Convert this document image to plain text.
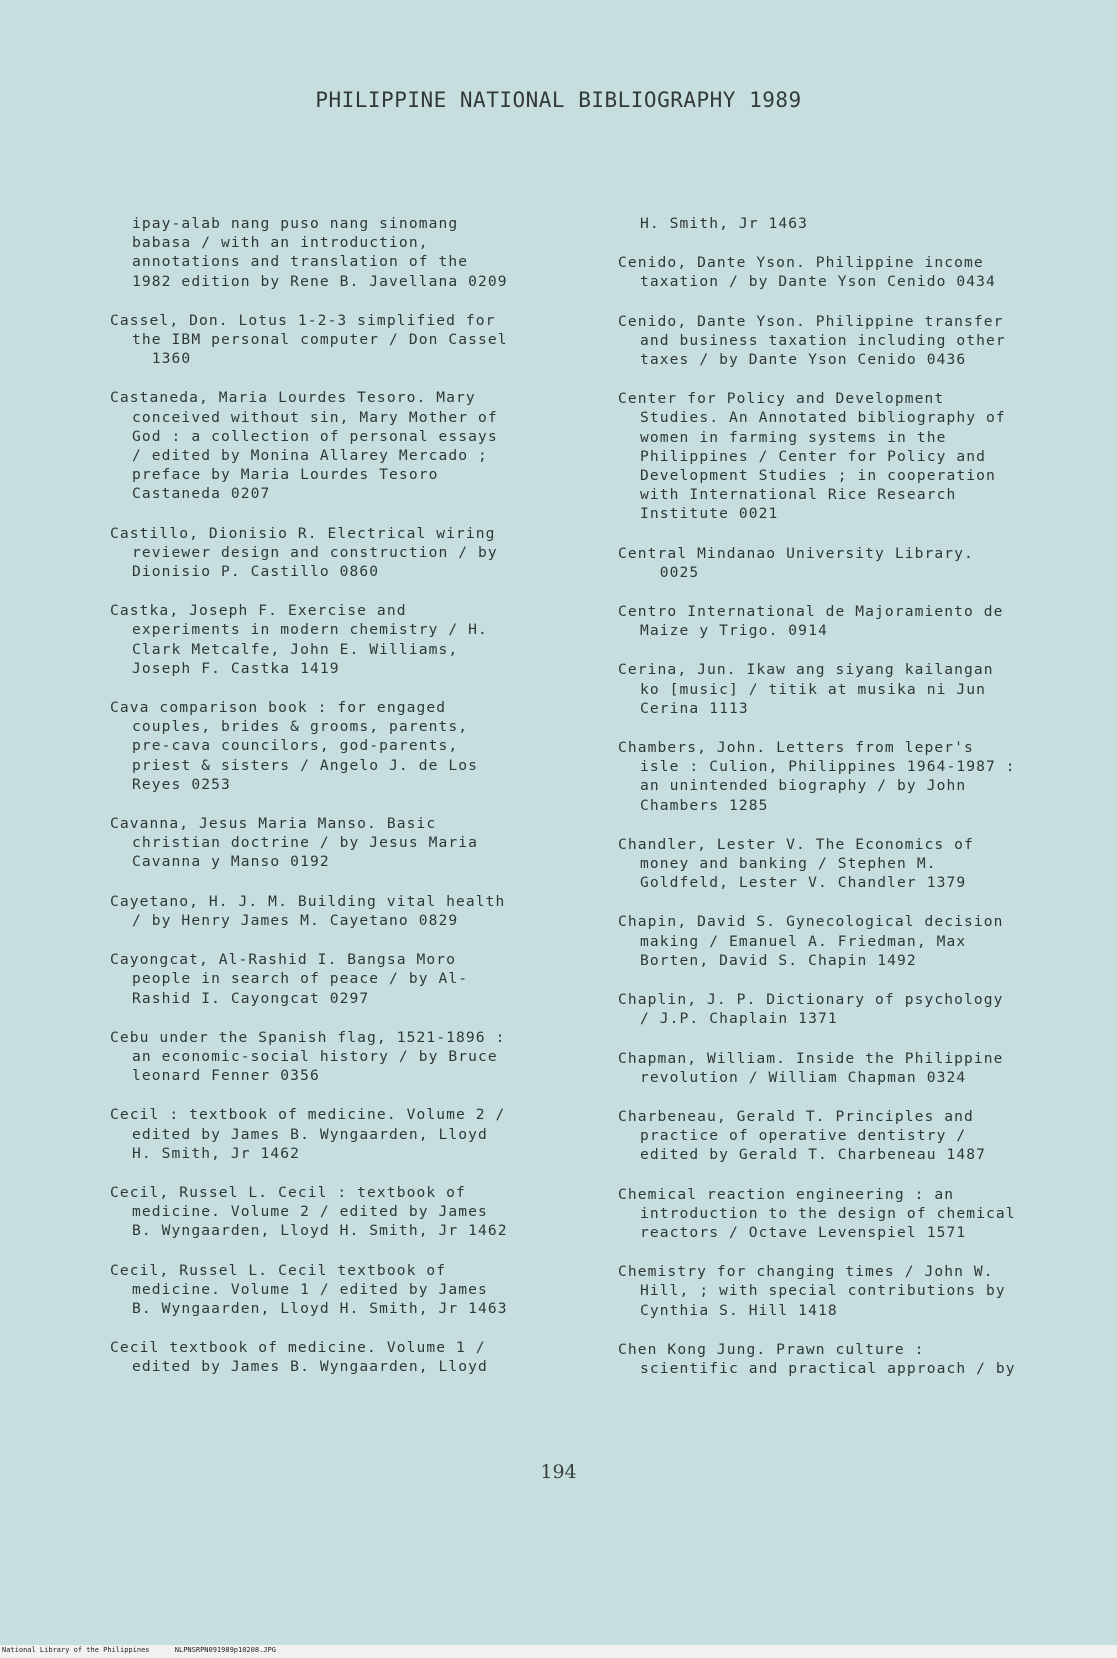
PHILIPPINE NATIONAL BIBLIOGRAPHY 1989
ipay-alab nang puso nang sinomang
babasa / with an introduction,
annotations and translation of the
1982 edition by Rene B. Javellana 0209
Cassel, Don. Lotus 1-2-3 simplified for
the IBM personal computer / Don Cassel
1360
Castaneda, Maria Lourdes Tesoro. Mary
conceived without sin, Mary Mother of
God : a collection of personal essays
/ edited by Monina Allarey Mercado ;
preface by Maria Lourdes Tesoro
Castaneda 0207
Castillo, Dionisio R. Electrical wiring
reviewer design and construction / by
Dionisio P. Castillo 0860
Castka, Joseph F. Exercise and
experiments in modern chemistry / H.
Clark Metcalfe, John E. Williams,
Joseph F. Castka 1419
Cava comparison book : for engaged
couples, brides & grooms, parents,
pre-cava councilors, god-parents,
priest & sisters / Angelo J. de Los
Reyes 0253
Cavanna, Jesus Maria Manso. Basic
christian doctrine / by Jesus Maria
Cavanna y Manso 0192
Cayetano, H. J. M. Building vital health
/ by Henry James M. Cayetano 0829
Cayongcat, Al-Rashid I. Bangsa Moro
people in search of peace / by Al-
Rashid I. Cayongcat 0297
Cebu under the Spanish flag, 1521-1896 :
an economic-social history / by Bruce
leonard Fenner 0356
Cecil : textbook of medicine. Volume 2 /
edited by James B. Wyngaarden, Lloyd
H. Smith, Jr 1462
Cecil, Russel L. Cecil : textbook of
medicine. Volume 2 / edited by James
B. Wyngaarden, Lloyd H. Smith, Jr 1462
Cecil, Russel L. Cecil textbook of
medicine. Volume 1 / edited by James
B. Wyngaarden, Lloyd H. Smith, Jr 1463
Cecil textbook of medicine. Volume 1 /
edited by James B. Wyngaarden, Lloyd
H. Smith, Jr 1463
Cenido, Dante Yson. Philippine income
taxation / by Dante Yson Cenido 0434
Cenido, Dante Yson. Philippine transfer
and business taxation including other
taxes / by Dante Yson Cenido 0436
Center for Policy and Development
Studies. An Annotated bibliography of
women in farming systems in the
Philippines / Center for Policy and
Development Studies ; in cooperation
with International Rice Research
Institute 0021
Central Mindanao University Library.
0025
Centro International de Majoramiento de
Maize y Trigo. 0914
Cerina, Jun. Ikaw ang siyang kailangan
ko [music] / titik at musika ni Jun
Cerina 1113
Chambers, John. Letters from leper's
isle : Culion, Philippines 1964-1987 :
an unintended biography / by John
Chambers 1285
Chandler, Lester V. The Economics of
money and banking / Stephen M.
Goldfeld, Lester V. Chandler 1379
Chapin, David S. Gynecological decision
making / Emanuel A. Friedman, Max
Borten, David S. Chapin 1492
Chaplin, J. P. Dictionary of psychology
/ J.P. Chaplain 1371
Chapman, William. Inside the Philippine
revolution / William Chapman 0324
Charbeneau, Gerald T. Principles and
practice of operative dentistry /
edited by Gerald T. Charbeneau 1487
Chemical reaction engineering : an
introduction to the design of chemical
reactors / Octave Levenspiel 1571
Chemistry for changing times / John W.
Hill, ; with special contributions by
Cynthia S. Hill 1418
Chen Kong Jung. Prawn culture :
scientific and practical approach / by
194
National Library of the Philippines      NLPNSRPN091989p10208.JPG
